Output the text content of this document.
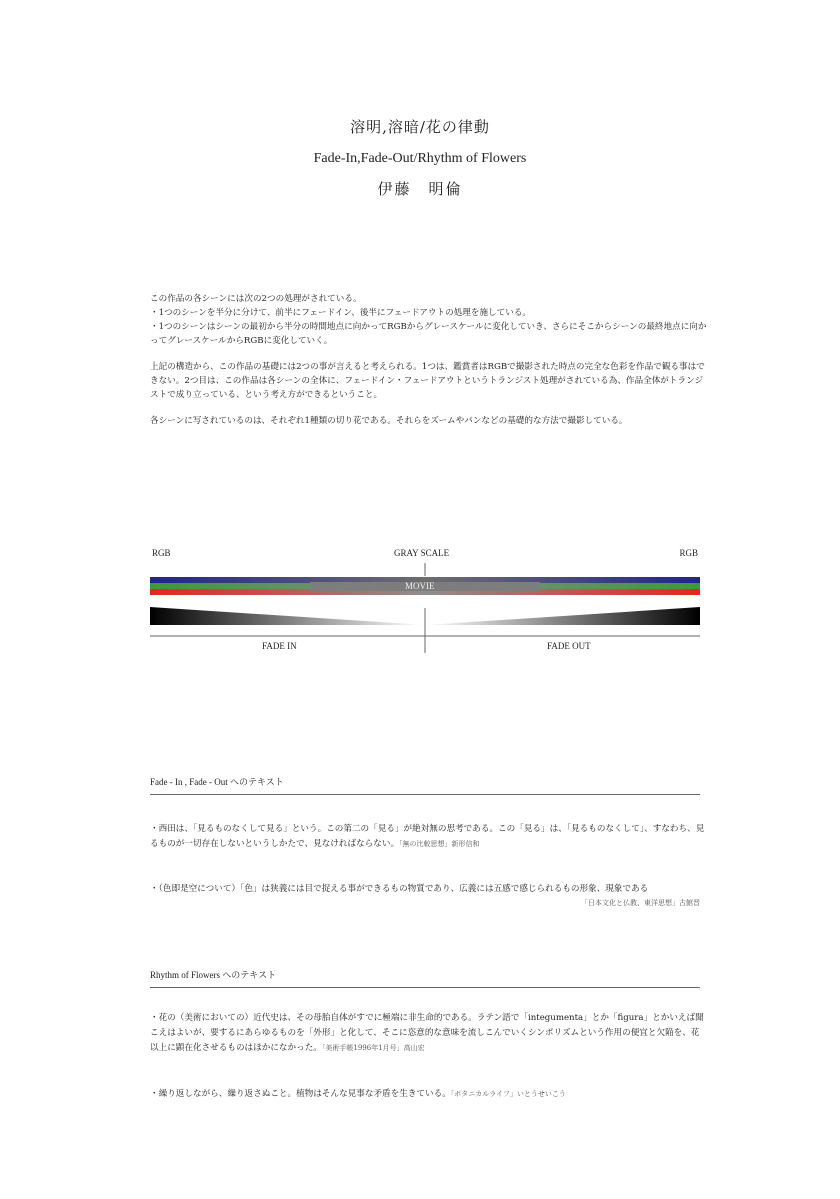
溶明,溶暗/花の律動
Fade-In,Fade-Out/Rhythm of Flowers
伊藤　明倫

この作品の各シーンには次の2つの処理がされている。

・1つのシーンを半分に分けて、前半にフェードイン、後半にフェードアウトの処理を施している。

・1つのシーンはシーンの最初から半分の時間地点に向かってRGBからグレースケールに変化していき、さらにそこからシーンの最終地点に向かってグレースケールからRGBに変化していく。

上記の構造から、この作品の基礎には2つの事が言えると考えられる。1つは、鑑賞者はRGBで撮影された時点の完全な色彩を作品で観る事はできない。2つ目は、この作品は各シーンの全体に、フェードイン・フェードアウトというトランジスト処理がされている為、作品全体がトランジストで成り立っている、という考え方ができるということ。

各シーンに写されているのは、それぞれ1種類の切り花である。それらをズームやパンなどの基礎的な方法で撮影している。

RGB	GRAY SCALE	RGB
MOVIE
FADE IN	FADE OUT
Fade - In , Fade - Out へのテキスト
・西田は、「見るものなくして見る」という。この第二の「見る」が絶対無の思考である。この「見る」は、「見るものなくして」、すなわち、見るものが一切存在しないというしかたで、見なければならない。「無の比較思想」新形信和
・（色即是空について）「色」は狭義には目で捉える事ができるもの物質であり、広義には五感で感じられるもの形象、現象である
「日本文化と仏教、東洋思想」古館晋
Rhythm of Flowers へのテキスト
・花の（美術においての）近代史は、その母胎自体がすでに極端に非生命的である。ラテン語で「integumenta」とか「figura」とかいえば聞こえはよいが、要するにあらゆるものを「外形」と化して、そこに恣意的な意味を流しこんでいくシンボリズムという作用の便宜と欠陥を、花以上に顕在化させるものはほかになかった。「美術手帳1996年1月号」高山宏
・繰り返しながら、繰り返さぬこと。植物はそんな見事な矛盾を生きている。「ボタニカルライフ」いとうせいこう
